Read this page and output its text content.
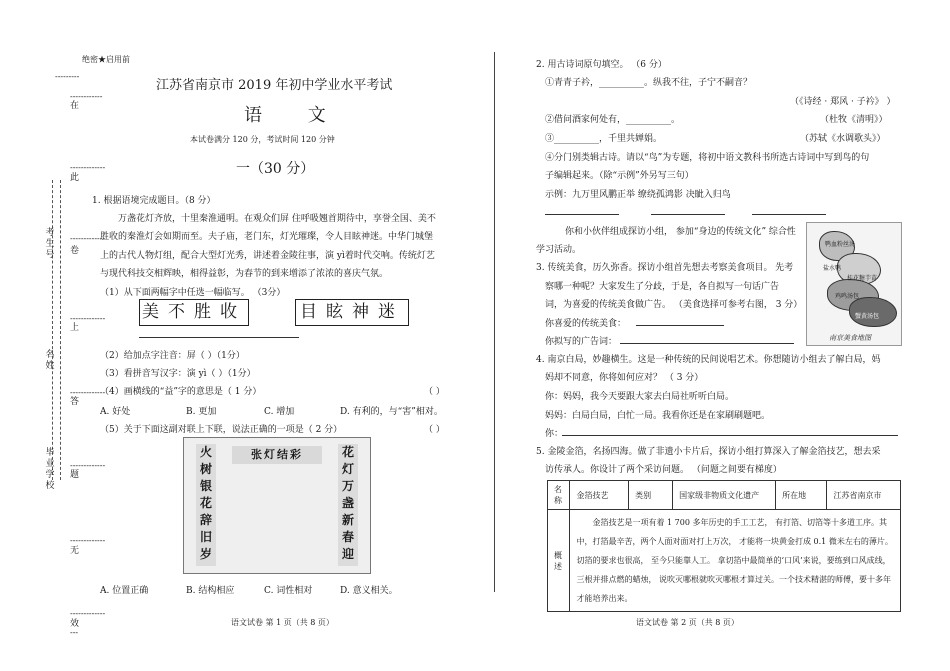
绝密★启用前
---------
------------
在
-------------
此
-------------
卷
-------------
上
-------------
答
-------------
题
-------------
无
-------------
效
---
考生号
名姓
毕业学校
江苏省南京市 2019 年初中学业水平考试
语 文
本试卷满分 120 分，考试时间 120 分钟
一（30 分）
1. 根据语境完成题目。（8 分）
万盏花灯齐放，十里秦淮通明。在观众们屏 住呼吸翘首期待中，享誉全国、美不
胜收的秦淮灯会如期而至。夫子庙，老门东，灯光璀璨，令人目眩神迷。中华门城堡
上的古代人物灯组，配合大型灯光秀，讲述着金陵往事，演 yì着时代交响。传统灯艺
与现代科技交相辉映，相得益彰，为春节的到来增添了浓浓的喜庆气氛。
（1）从下面两幅字中任选一幅临写。 （3分）
美不胜收	目眩神迷
（2）给加点字注音：屏（ ）（1分）
（3）看拼音写汉字：演 yì（ ）（1分）
（4）画横线的“益”字的意思是（ 1 分）	（ ）
A. 好处	B. 更加	C. 增加	D. 有利的，与“害”相对。
（5）关于下面这副对联上下联，说法正确的一项是（ 2 分）	（ ）
张灯结彩
火树银花辞旧岁
花灯万盏新春迎
A. 位置正确	B. 结构相应	C. 词性相对	D. 意义相关。
语文试卷 第 1 页（共 8 页）
2. 用古诗词原句填空。 （6 分）
①青青子衿，__________。纵我不往，子宁不嗣音？
（《诗经 · 郑风 · 子衿》 ）
②借问酒家何处有，__________。	（杜牧《清明》）
③__________，千里共婵娟。	（苏轼《水调歌头》）
④分门别类辑古诗。请以“鸟”为专题，将初中语文教科书所选古诗词中写到鸟的句
子编辑起来。（除“示例”外另写三句）
示例：九万里风鹏正举 缭绕孤鸿影 决眦入归鸟
你和小伙伴组成探访小组， 参加“身边的传统文化” 综合性
学习活动。
3. 传统美食，历久弥香。探访小组首先想去考察美食项目。 先考
察哪一种呢？大家发生了分歧，于是，各自拟写一句话广告
词，为喜爱的传统美食做广告。 （美食选择可参考右图， 3 分）
你喜爱的传统美食：
你拟写的广告词：
鸭血粉丝汤
盐水鸭
桂花糖芋苗
鸡鸣汤包
蟹黄汤包
南京美食地图
4. 南京白局，妙趣横生。这是一种传统的民间说唱艺术。你想随访小组去了解白局，妈
妈却不同意，你将如何应对？ （ 3 分）
你：妈妈，我今天要跟大家去白局社听听白局。
妈妈：白局白局，白忙一局。我看你还是在家刷刷题吧。
你：
5. 金陵金箔，名扬四海。做了非遗小卡片后，探访小组打算深入了解金箔技艺，想去采
访传承人。你设计了两个采访问题。 （问题之间要有梯度）
名称	金箔技艺	类别	国家级非物质文化遗产	所在地	江苏省南京市
概述	金箔技艺是一项有着 1 700 多年历史的手工工艺， 有打箔、切箔等十多道工序。其中，打箔最辛苦，两个人面对面对打上万次， 才能将一块黄金打成 0.1 微米左右的薄片。 切箔的要求也很高， 至今只能靠人工。 拿切箔中最简单的‘口风’来说，要练到口风成线， 三根并排点燃的蜡烛， 说吹灭哪根就吹灭哪根才算过关。一个技术精湛的师傅，要十多年才能培养出来。				
语文试卷 第 2 页（共 8 页）
